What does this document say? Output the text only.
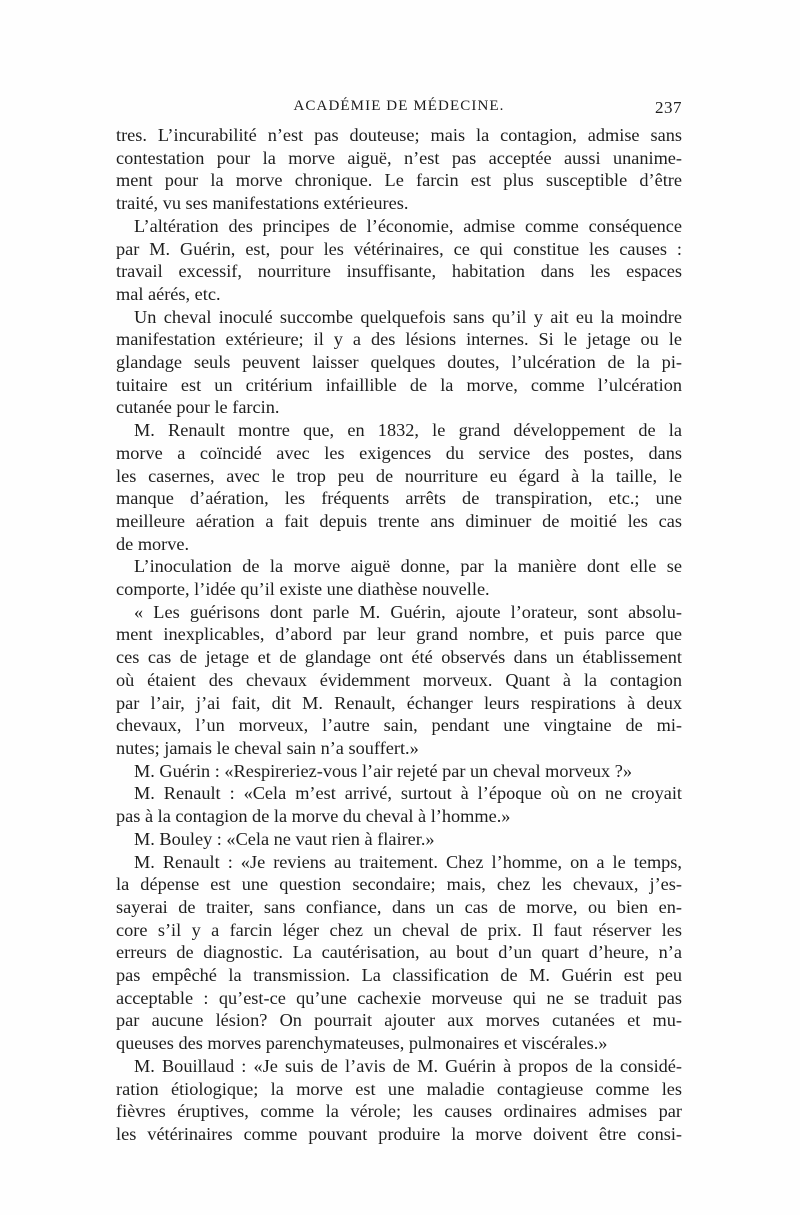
ACADÉMIE DE MÉDECINE.	237

tres. L’incurabilité n’est pas douteuse; mais la contagion, admise sans

contestation pour la morve aiguë, n’est pas acceptée aussi unanime-

ment pour la morve chronique. Le farcin est plus susceptible d’être

traité, vu ses manifestations extérieures.

L’altération des principes de l’économie, admise comme conséquence

par M. Guérin, est, pour les vétérinaires, ce qui constitue les causes :

travail excessif, nourriture insuffisante, habitation dans les espaces

mal aérés, etc.

Un cheval inoculé succombe quelquefois sans qu’il y ait eu la moindre

manifestation extérieure; il y a des lésions internes. Si le jetage ou le

glandage seuls peuvent laisser quelques doutes, l’ulcération de la pi-

tuitaire est un critérium infaillible de la morve, comme l’ulcération

cutanée pour le farcin.

M. Renault montre que, en 1832, le grand développement de la

morve a coïncidé avec les exigences du service des postes, dans

les casernes, avec le trop peu de nourriture eu égard à la taille, le

manque d’aération, les fréquents arrêts de transpiration, etc.; une

meilleure aération a fait depuis trente ans diminuer de moitié les cas

de morve.

L’inoculation de la morve aiguë donne, par la manière dont elle se

comporte, l’idée qu’il existe une diathèse nouvelle.

« Les guérisons dont parle M. Guérin, ajoute l’orateur, sont absolu-

ment inexplicables, d’abord par leur grand nombre, et puis parce que

ces cas de jetage et de glandage ont été observés dans un établissement

où étaient des chevaux évidemment morveux. Quant à la contagion

par l’air, j’ai fait, dit M. Renault, échanger leurs respirations à deux

chevaux, l’un morveux, l’autre sain, pendant une vingtaine de mi-

nutes; jamais le cheval sain n’a souffert.»

M. Guérin : «Respireriez-vous l’air rejeté par un cheval morveux ?»

M. Renault : «Cela m’est arrivé, surtout à l’époque où on ne croyait

pas à la contagion de la morve du cheval à l’homme.»

M. Bouley : «Cela ne vaut rien à flairer.»

M. Renault : «Je reviens au traitement. Chez l’homme, on a le temps,

la dépense est une question secondaire; mais, chez les chevaux, j’es-

sayerai de traiter, sans confiance, dans un cas de morve, ou bien en-

core s’il y a farcin léger chez un cheval de prix. Il faut réserver les

erreurs de diagnostic. La cautérisation, au bout d’un quart d’heure, n’a

pas empêché la transmission. La classification de M. Guérin est peu

acceptable : qu’est-ce qu’une cachexie morveuse qui ne se traduit pas

par aucune lésion? On pourrait ajouter aux morves cutanées et mu-

queuses des morves parenchymateuses, pulmonaires et viscérales.»

M. Bouillaud : «Je suis de l’avis de M. Guérin à propos de la considé-

ration étiologique; la morve est une maladie contagieuse comme les

fièvres éruptives, comme la vérole; les causes ordinaires admises par

les vétérinaires comme pouvant produire la morve doivent être consi-
